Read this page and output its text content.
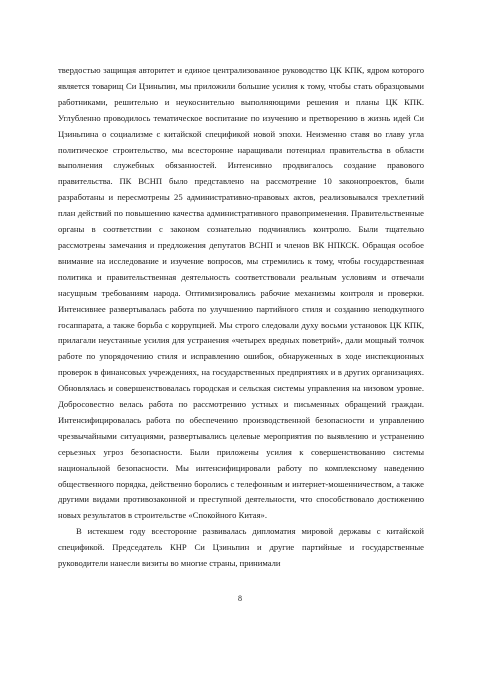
твердостью защищая авторитет и единое централизованное руководство ЦК КПК, ядром которого является товарищ Си Цзиньпин, мы приложили большие усилия к тому, чтобы стать образцовыми работниками, решительно и неукоснительно выполняющими решения и планы ЦК КПК. Углубленно проводилось тематическое воспитание по изучению и претворению в жизнь идей Си Цзиньпина о социализме с китайской спецификой новой эпохи. Неизменно ставя во главу угла политическое строительство, мы всесторонне наращивали потенциал правительства в области выполнения служебных обязанностей. Интенсивно продвигалось создание правового правительства. ПК ВСНП было представлено на рассмотрение 10 законопроектов, были разработаны и пересмотрены 25 административно-правовых актов, реализовывался трехлетний план действий по повышению качества административного правоприменения. Правительственные органы в соответствии с законом сознательно подчинялись контролю. Были тщательно рассмотрены замечания и предложения депутатов ВСНП и членов ВК НПКСК. Обращая особое внимание на исследование и изучение вопросов, мы стремились к тому, чтобы государственная политика и правительственная деятельность соответствовали реальным условиям и отвечали насущным требованиям народа. Оптимизировались рабочие механизмы контроля и проверки. Интенсивнее развертывалась работа по улучшению партийного стиля и созданию неподкупного госаппарата, а также борьба с коррупцией. Мы строго следовали духу восьми установок ЦК КПК, прилагали неустанные усилия для устранения «четырех вредных поветрий», дали мощный толчок работе по упорядочению стиля и исправлению ошибок, обнаруженных в ходе инспекционных проверок в финансовых учреждениях, на государственных предприятиях и в других организациях. Обновлялась и совершенствовалась городская и сельская системы управления на низовом уровне. Добросовестно велась работа по рассмотрению устных и письменных обращений граждан. Интенсифицировалась работа по обеспечению производственной безопасности и управлению чрезвычайными ситуациями, развертывались целевые мероприятия по выявлению и устранению серьезных угроз безопасности. Были приложены усилия к совершенствованию системы национальной безопасности. Мы интенсифицировали работу по комплексному наведению общественного порядка, действенно боролись с телефонным и интернет-мошенничеством, а также другими видами противозаконной и преступной деятельности, что способствовало достижению новых результатов в строительстве «Спокойного Китая».

В истекшем году всесторонне развивалась дипломатия мировой державы с китайской спецификой. Председатель КНР Си Цзиньпин и другие партийные и государственные руководители нанесли визиты во многие страны, принимали

8
